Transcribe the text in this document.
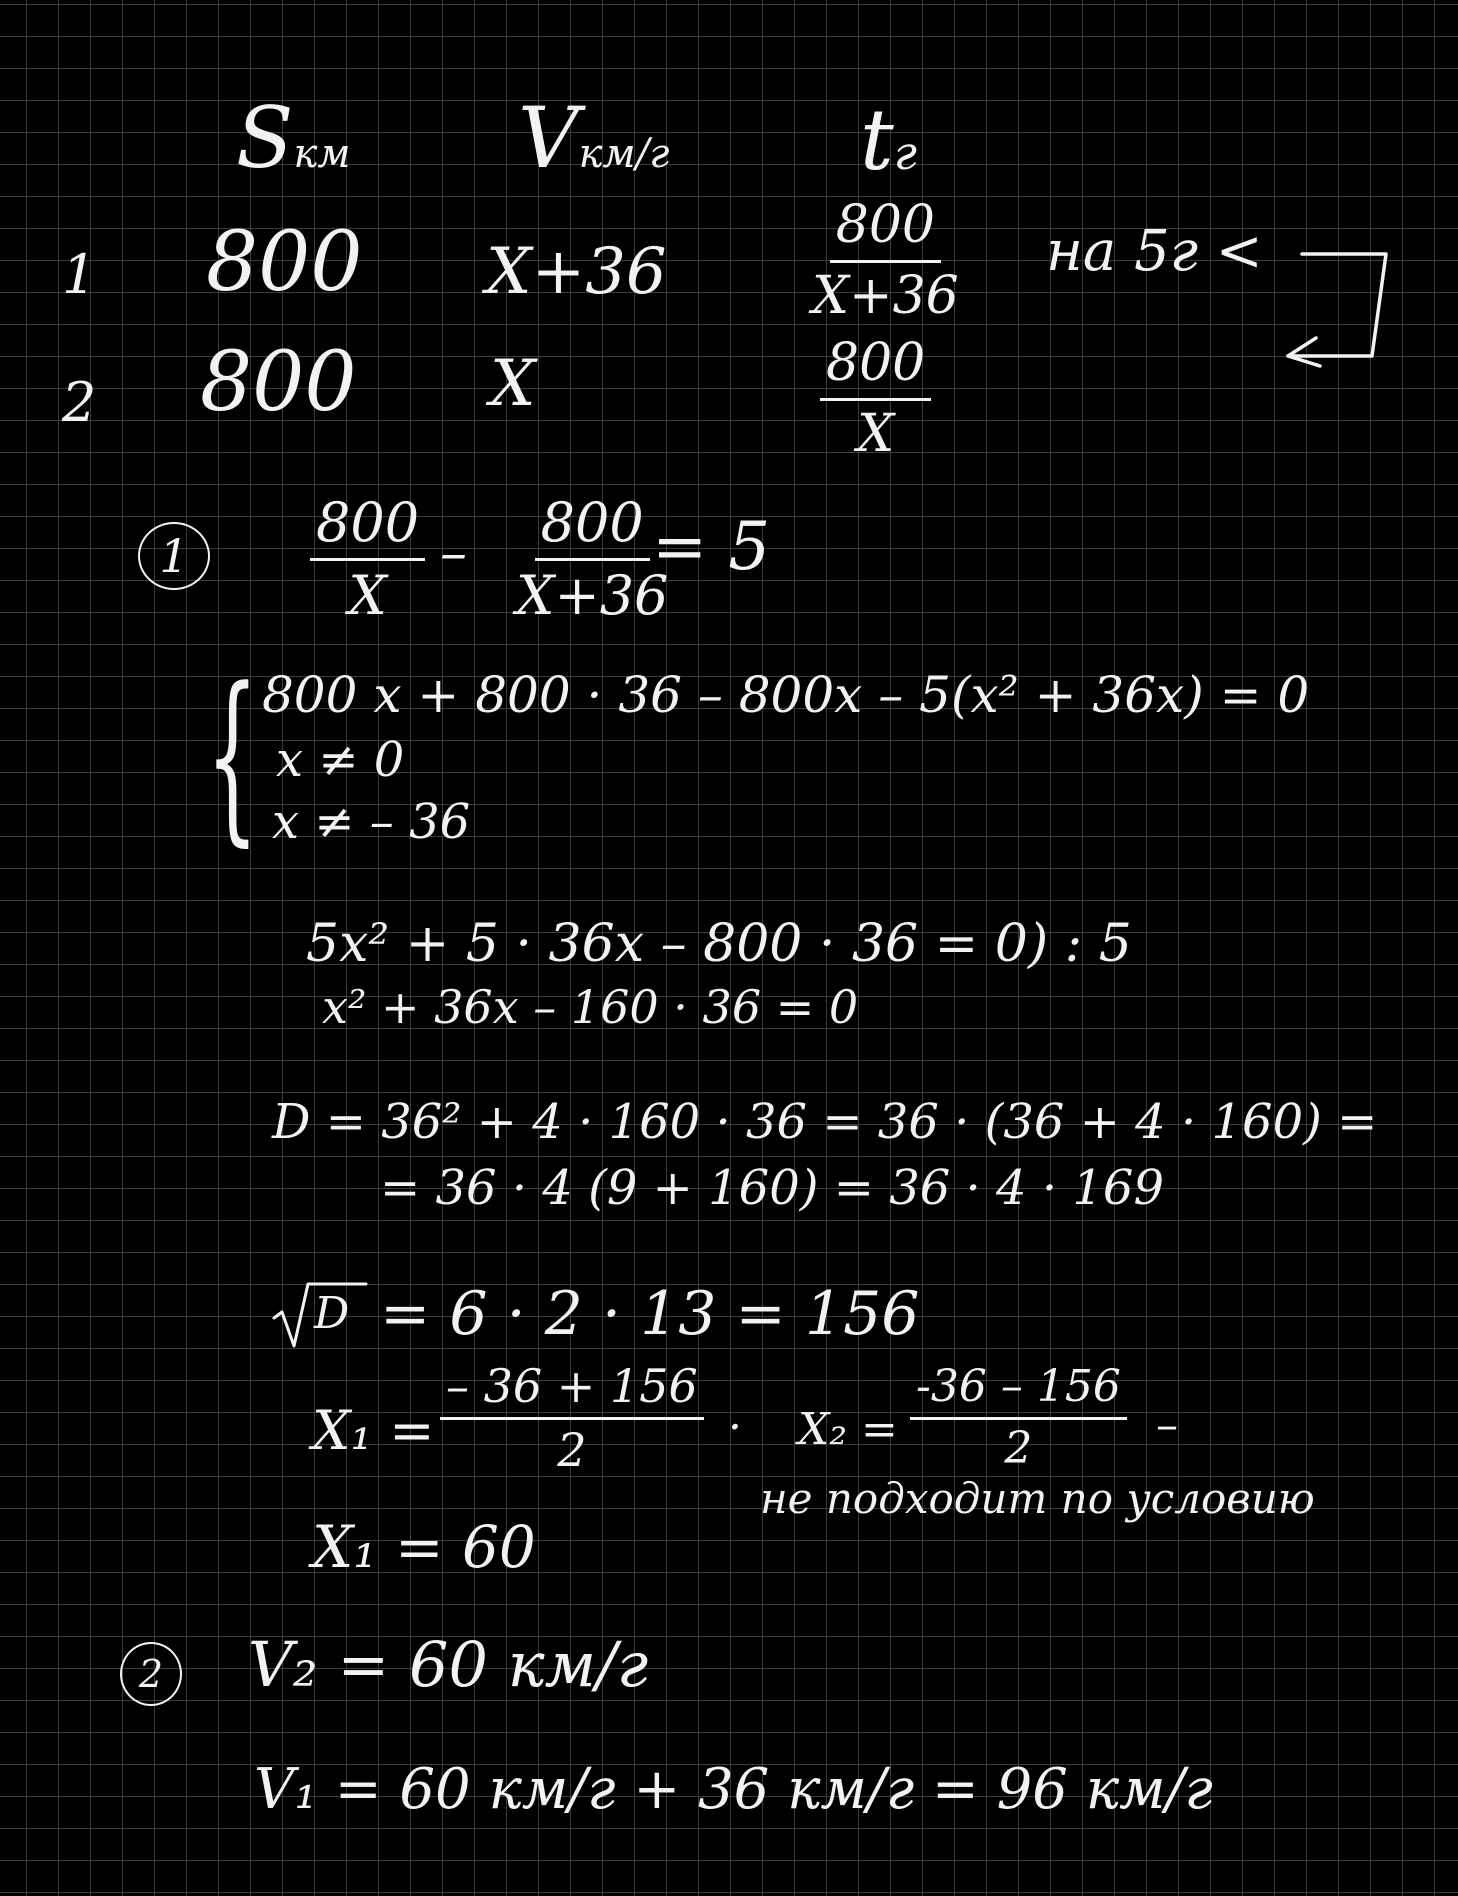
Sкм Vкм/г tг
1 800 X+36	$\frac{800}{X+36}$ на 5г <
2 800 X	$\frac{800}{X}$
$1 \frac{800}{X} - \frac{800}{X+36}$
= 5
{ 800 x + 800 · 36 – 800x – 5(x² + 36x) = 0
x ≠ 0
x ≠ – 36
5x² + 5 · 36x – 800 · 36 = 0) : 5
x² + 36x – 160 · 36 = 0
D = 36² + 4 · 160 · 36 = 36 · (36 + 4 · 160) =
= 36 · 4 (9 + 160) = 36 · 4 · 169
D = 6 · 2 · 13 = 156
$X_1 = \frac{- 36 + 156}{2} \cdot X_2 = \frac{-36 - 156}{2}$ –
не подходит по условию
X₁ = 60
2 V₂ = 60 км/г
V₁ = 60 км/г + 36 км/г = 96 км/г
